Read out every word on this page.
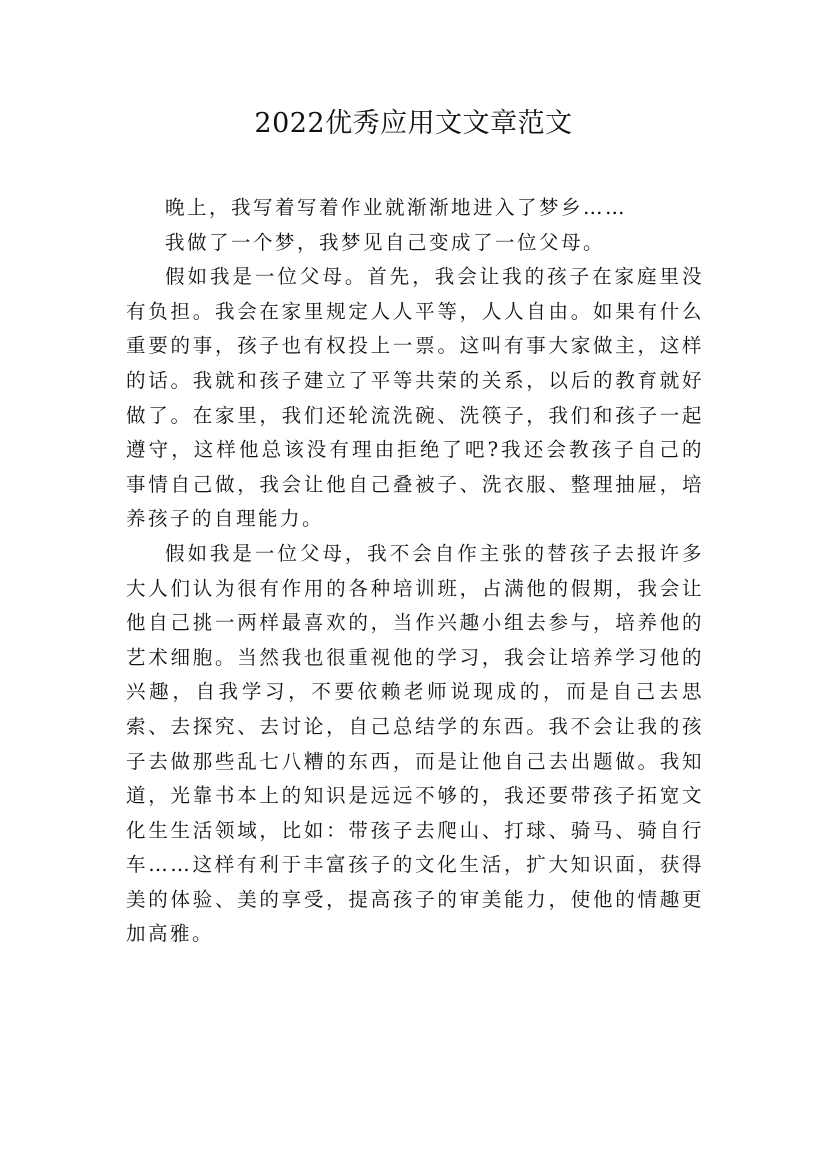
2022优秀应用文文章范文

晚上，我写着写着作业就渐渐地进入了梦乡……

我做了一个梦，我梦见自己变成了一位父母。

假如我是一位父母。首先，我会让我的孩子在家庭里没有负担。我会在家里规定人人平等，人人自由。如果有什么重要的事，孩子也有权投上一票。这叫有事大家做主，这样的话。我就和孩子建立了平等共荣的关系，以后的教育就好做了。在家里，我们还轮流洗碗、洗筷子，我们和孩子一起遵守，这样他总该没有理由拒绝了吧?我还会教孩子自己的事情自己做，我会让他自己叠被子、洗衣服、整理抽屉，培养孩子的自理能力。

假如我是一位父母，我不会自作主张的替孩子去报许多大人们认为很有作用的各种培训班，占满他的假期，我会让他自己挑一两样最喜欢的，当作兴趣小组去参与，培养他的艺术细胞。当然我也很重视他的学习，我会让培养学习他的兴趣，自我学习，不要依赖老师说现成的，而是自己去思索、去探究、去讨论，自己总结学的东西。我不会让我的孩子去做那些乱七八糟的东西，而是让他自己去出题做。我知道，光靠书本上的知识是远远不够的，我还要带孩子拓宽文化生生活领域，比如：带孩子去爬山、打球、骑马、骑自行车……这样有利于丰富孩子的文化生活，扩大知识面，获得美的体验、美的享受，提高孩子的审美能力，使他的情趣更加高雅。
